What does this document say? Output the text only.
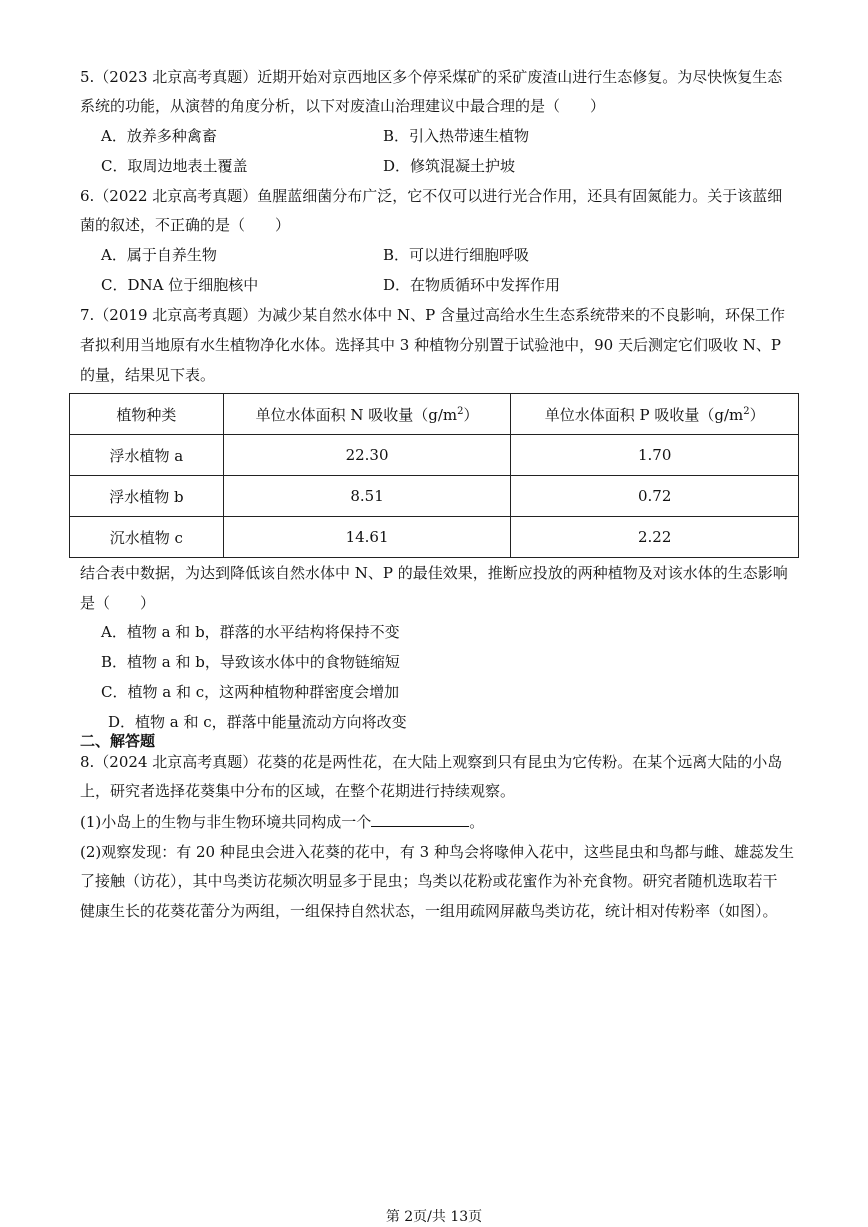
5.（2023 北京高考真题）近期开始对京西地区多个停采煤矿的采矿废渣山进行生态修复。为尽快恢复生态
系统的功能，从演替的角度分析，以下对废渣山治理建议中最合理的是（　　）
A．放养多种禽畜	B．引入热带速生植物
C．取周边地表土覆盖	D．修筑混凝土护坡
6.（2022 北京高考真题）鱼腥蓝细菌分布广泛，它不仅可以进行光合作用，还具有固氮能力。关于该蓝细
菌的叙述，不正确的是（　　）
A．属于自养生物	B．可以进行细胞呼吸
C．DNA 位于细胞核中	D．在物质循环中发挥作用
7.（2019 北京高考真题）为减少某自然水体中 N、P 含量过高给水生生态系统带来的不良影响，环保工作
者拟利用当地原有水生植物净化水体。选择其中 3 种植物分别置于试验池中，90 天后测定它们吸收 N、P
的量，结果见下表。
植物种类	单位水体面积 N 吸收量$(g/m^2)$	单位水体面积 P 吸收量$(g/m^2)$
浮水植物 a	22.30	1.70
浮水植物 b	8.51	0.72
沉水植物 c	14.61	2.22
结合表中数据，为达到降低该自然水体中 N、P 的最佳效果，推断应投放的两种植物及对该水体的生态影响
是（　　）
A．植物 a 和 b，群落的水平结构将保持不变
B．植物 a 和 b，导致该水体中的食物链缩短
C．植物 a 和 c，这两种植物种群密度会增加
D．植物 a 和 c，群落中能量流动方向将改变
二、解答题
8.（2024 北京高考真题）花葵的花是两性花，在大陆上观察到只有昆虫为它传粉。在某个远离大陆的小岛
上，研究者选择花葵集中分布的区域，在整个花期进行持续观察。
(1)小岛上的生物与非生物环境共同构成一个	。
(2)观察发现：有 20 种昆虫会进入花葵的花中，有 3 种鸟会将喙伸入花中，这些昆虫和鸟都与雌、雄蕊发生
了接触（访花），其中鸟类访花频次明显多于昆虫；鸟类以花粉或花蜜作为补充食物。研究者随机选取若干
健康生长的花葵花蕾分为两组，一组保持自然状态，一组用疏网屏蔽鸟类访花，统计相对传粉率（如图）。
第 2页/共 13页
